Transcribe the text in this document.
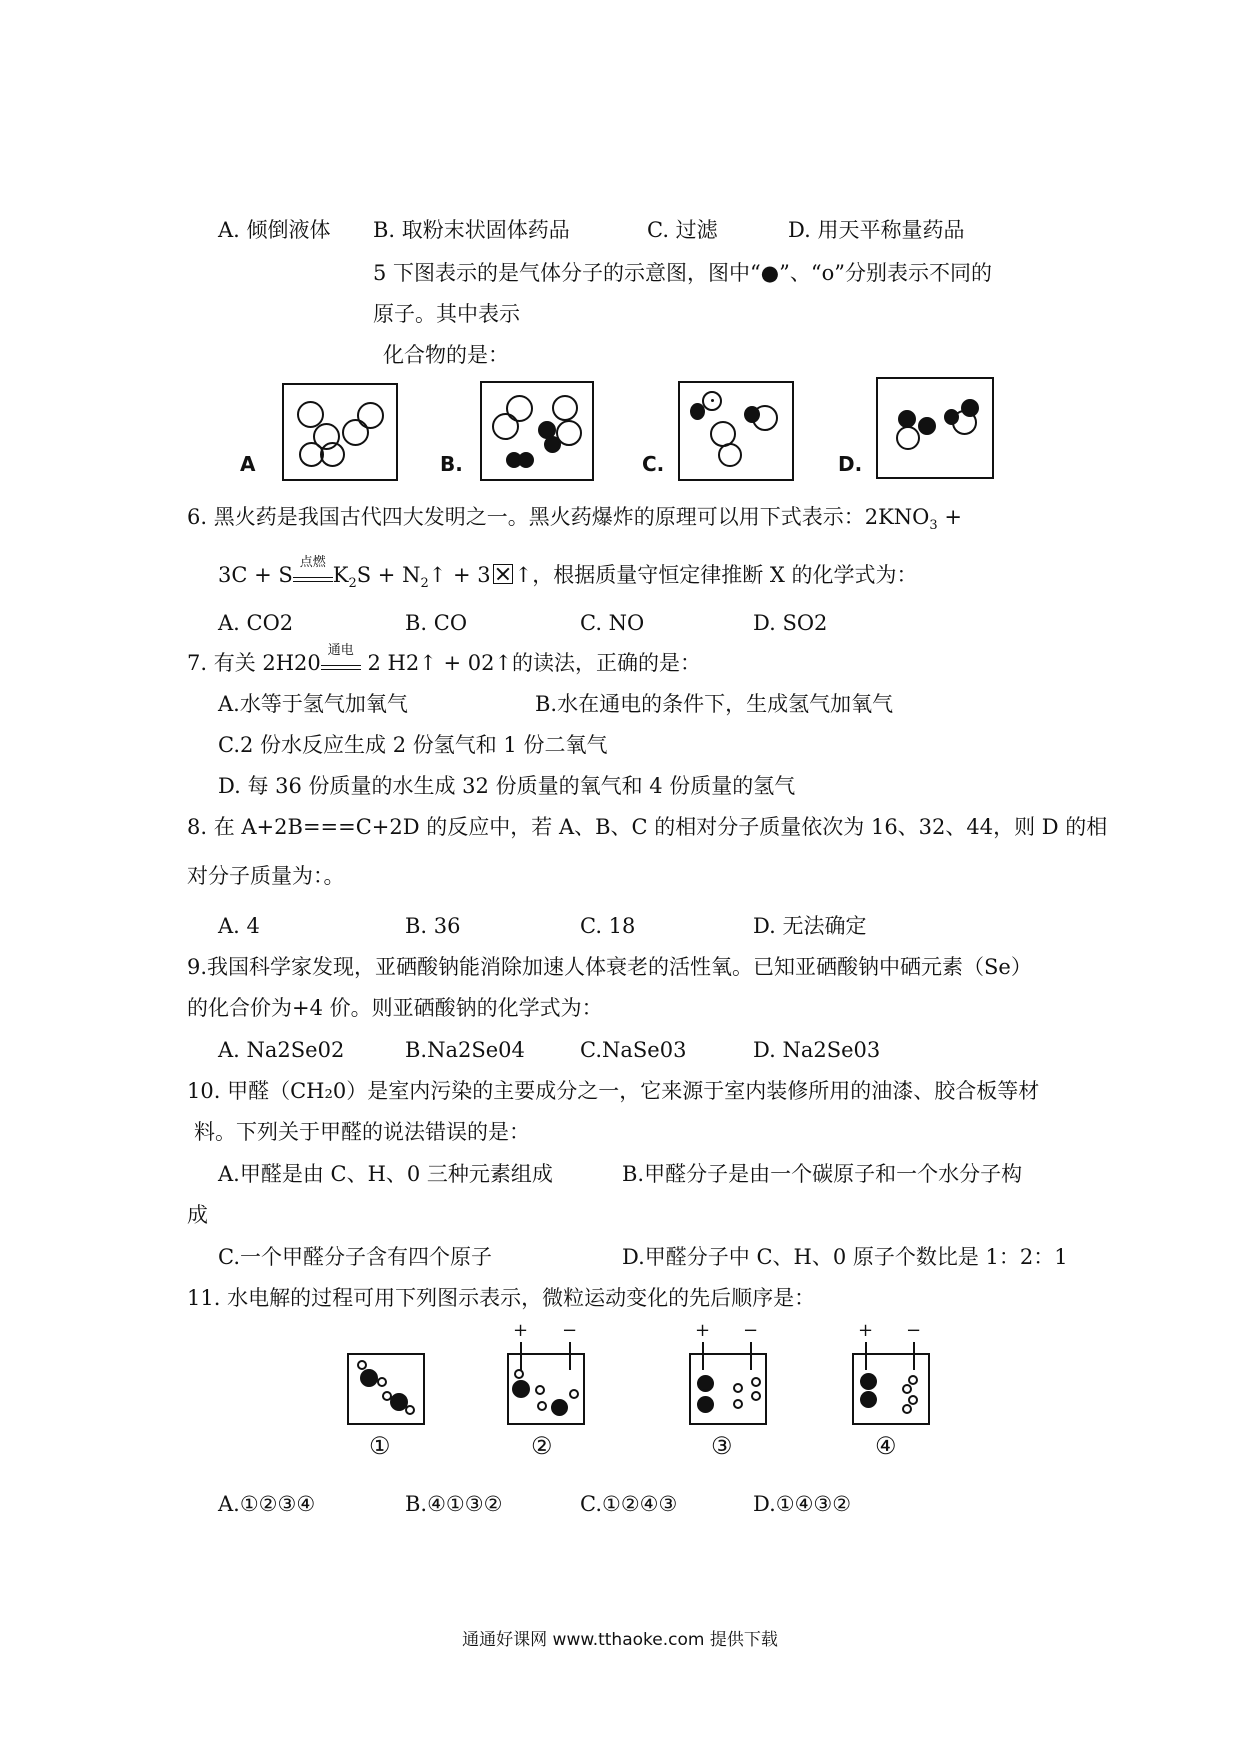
A. 倾倒液体 B. 取粉末状固体药品	C. 过滤	D. 用天平称量药品
5 下图表示的是气体分子的示意图，图中“●”、“o”分别表示不同的
原子。其中表示
化合物的是：
A	B.	C.	D.
6. 黑火药是我国古代四大发明之一。黑火药爆炸的原理可以用下式表示：$2KNO_3$ +
3C + S
点燃
$K_2S$ + $N_2↑ + 3$ ↑，根据质量守恒定律推断 X 的化学式为：
A. CO2	B. CO	C. NO	D. SO2
7. 有关 2H20
通电
2 H2↑ + 02↑的读法，正确的是：
A.水等于氢气加氧气	B.水在通电的条件下，生成氢气加氧气
C.2 份水反应生成 2 份氢气和 1 份二氧气
D. 每 36 份质量的水生成 32 份质量的氧气和 4 份质量的氢气
8. 在 A+2B===C+2D 的反应中，若 A、B、C 的相对分子质量依次为 16、32、44，则 D 的相
对分子质量为：。
A. 4	B. 36	C. 18	D. 无法确定
9.我国科学家发现，亚硒酸钠能消除加速人体衰老的活性氧。已知亚硒酸钠中硒元素（Se）
的化合价为+4 价。则亚硒酸钠的化学式为：
A. Na2Se02	B.Na2Se04	C.NaSe03	D. Na2Se03
10. 甲醛（CH₂0）是室内污染的主要成分之一，它来源于室内装修所用的油漆、胶合板等材
料。下列关于甲醛的说法错误的是：
A.甲醛是由 C、H、0 三种元素组成	B.甲醛分子是由一个碳原子和一个水分子构
成
C.一个甲醛分子含有四个原子	D.甲醛分子中 C、H、0 原子个数比是 1：2：1
11. 水电解的过程可用下列图示表示，微粒运动变化的先后顺序是：
①
+ −
②
+ −
③
+ −
④
A.①②③④	B.④①③②	C.①②④③	D.①④③②
通通好课网 www.tthaoke.com 提供下载
